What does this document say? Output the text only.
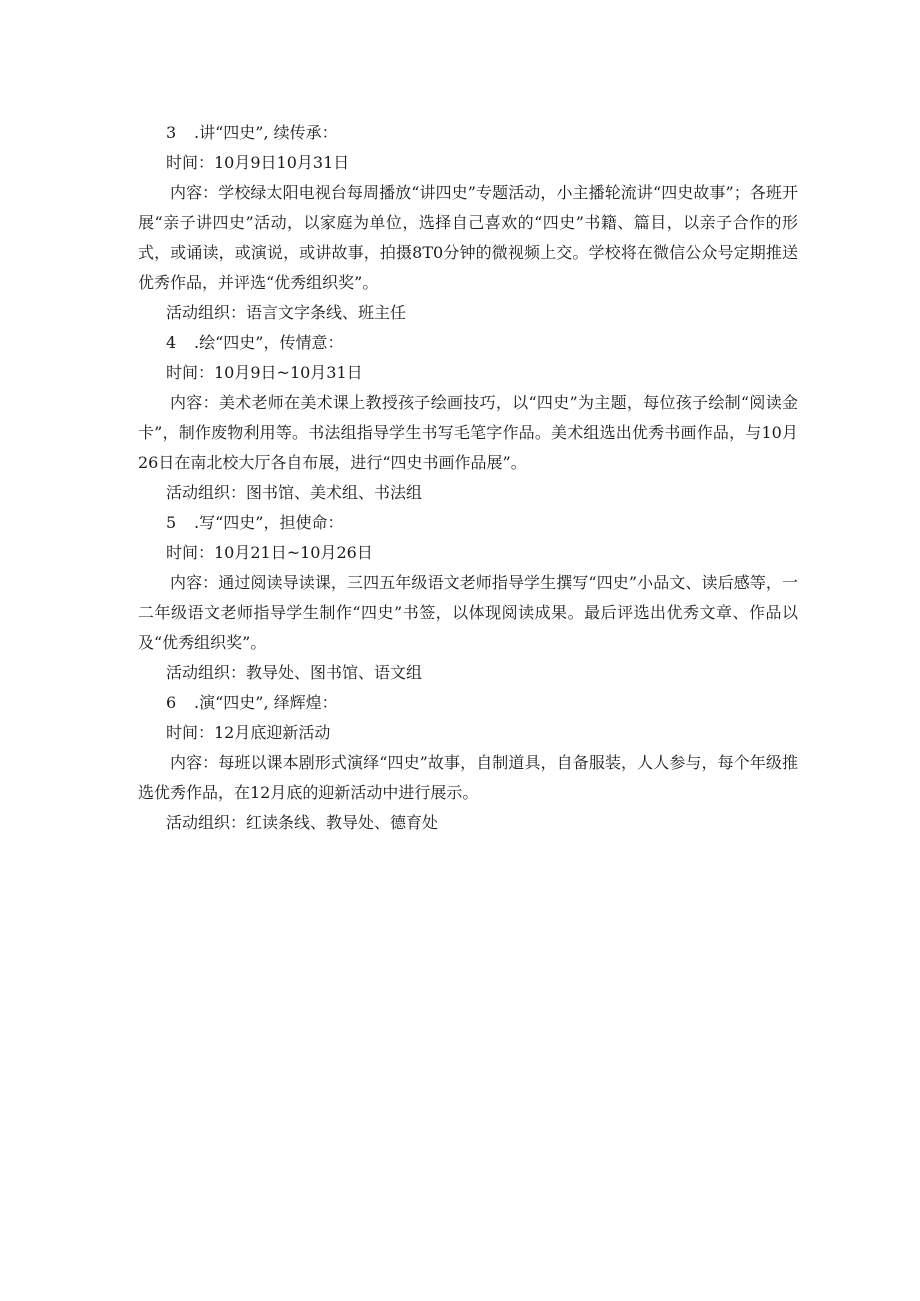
3 .讲“四史”, 续传承：
时间：10月9日10月31日
内容：学校绿太阳电视台每周播放“讲四史”专题活动，小主播轮流讲“四史故事”；各班开展“亲子讲四史”活动，以家庭为单位，选择自己喜欢的“四史”书籍、篇目，以亲子合作的形式，或诵读，或演说，或讲故事，拍摄8T0分钟的微视频上交。学校将在微信公众号定期推送优秀作品，并评选“优秀组织奖”。
活动组织：语言文字条线、班主任
4 .绘“四史”，传情意：
时间：10月9日~10月31日
内容：美术老师在美术课上教授孩子绘画技巧，以“四史”为主题，每位孩子绘制“阅读金卡”，制作废物利用等。书法组指导学生书写毛笔字作品。美术组选出优秀书画作品，与10月26日在南北校大厅各自布展，进行“四史书画作品展”。
活动组织：图书馆、美术组、书法组
5 .写“四史”，担使命：
时间：10月21日~10月26日
内容：通过阅读导读课，三四五年级语文老师指导学生撰写“四史”小品文、读后感等，一二年级语文老师指导学生制作“四史”书签，以体现阅读成果。最后评选出优秀文章、作品以及“优秀组织奖”。
活动组织：教导处、图书馆、语文组
6 .演“四史”, 绎辉煌：
时间：12月底迎新活动
内容：每班以课本剧形式演绎“四史”故事，自制道具，自备服装，人人参与，每个年级推选优秀作品，在12月底的迎新活动中进行展示。
活动组织：红读条线、教导处、德育处
